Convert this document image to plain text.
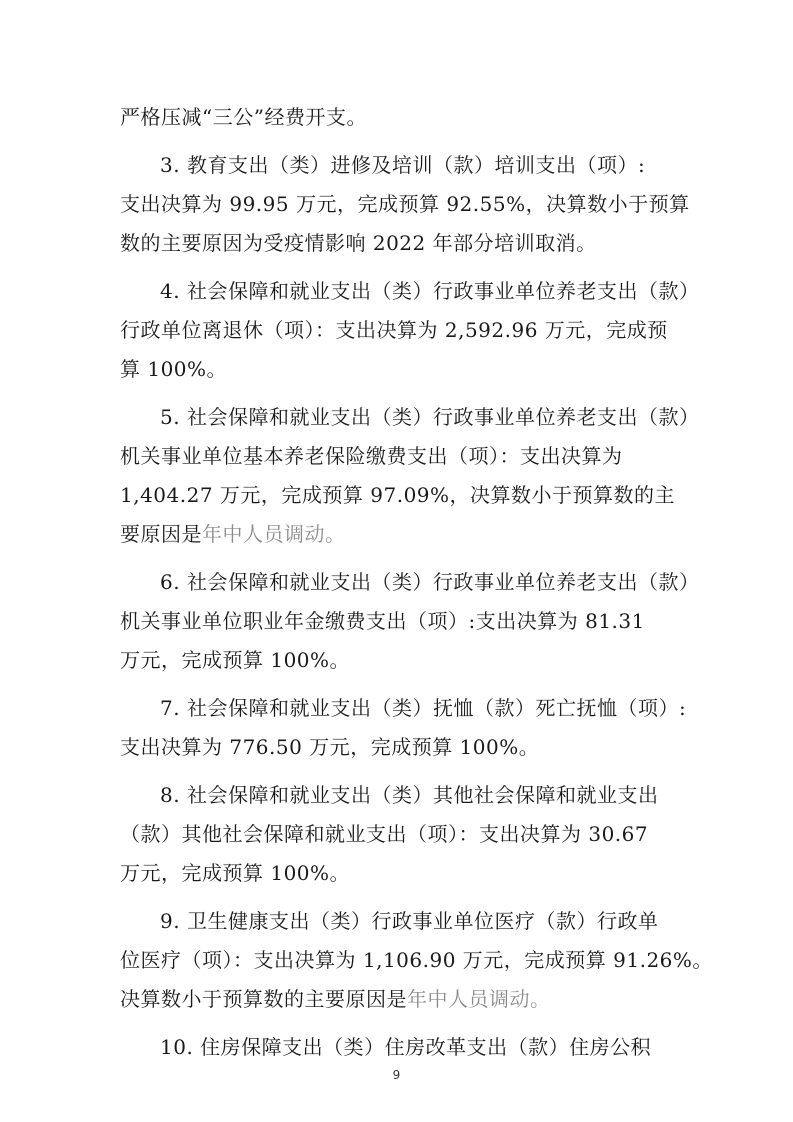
严格压减“三公”经费开支。
3. 教育支出（类）进修及培训（款）培训支出（项）:
支出决算为 99.95 万元，完成预算 92.55%，决算数小于预算
数的主要原因为受疫情影响 2022 年部分培训取消。
4. 社会保障和就业支出（类）行政事业单位养老支出（款）
行政单位离退休（项）：支出决算为 2,592.96 万元，完成预
算 100%。
5. 社会保障和就业支出（类）行政事业单位养老支出（款）
机关事业单位基本养老保险缴费支出（项）：支出决算为
1,404.27 万元，完成预算 97.09%，决算数小于预算数的主
要原因是年中人员调动。
6. 社会保障和就业支出（类）行政事业单位养老支出（款）
机关事业单位职业年金缴费支出（项）:支出决算为 81.31
万元，完成预算 100%。
7. 社会保障和就业支出（类）抚恤（款）死亡抚恤（项）:
支出决算为 776.50 万元，完成预算 100%。
8. 社会保障和就业支出（类）其他社会保障和就业支出
（款）其他社会保障和就业支出（项）：支出决算为 30.67
万元，完成预算 100%。
9. 卫生健康支出（类）行政事业单位医疗（款）行政单
位医疗（项）：支出决算为 1,106.90 万元，完成预算 91.26%。
决算数小于预算数的主要原因是年中人员调动。
10. 住房保障支出（类）住房改革支出（款）住房公积
9
